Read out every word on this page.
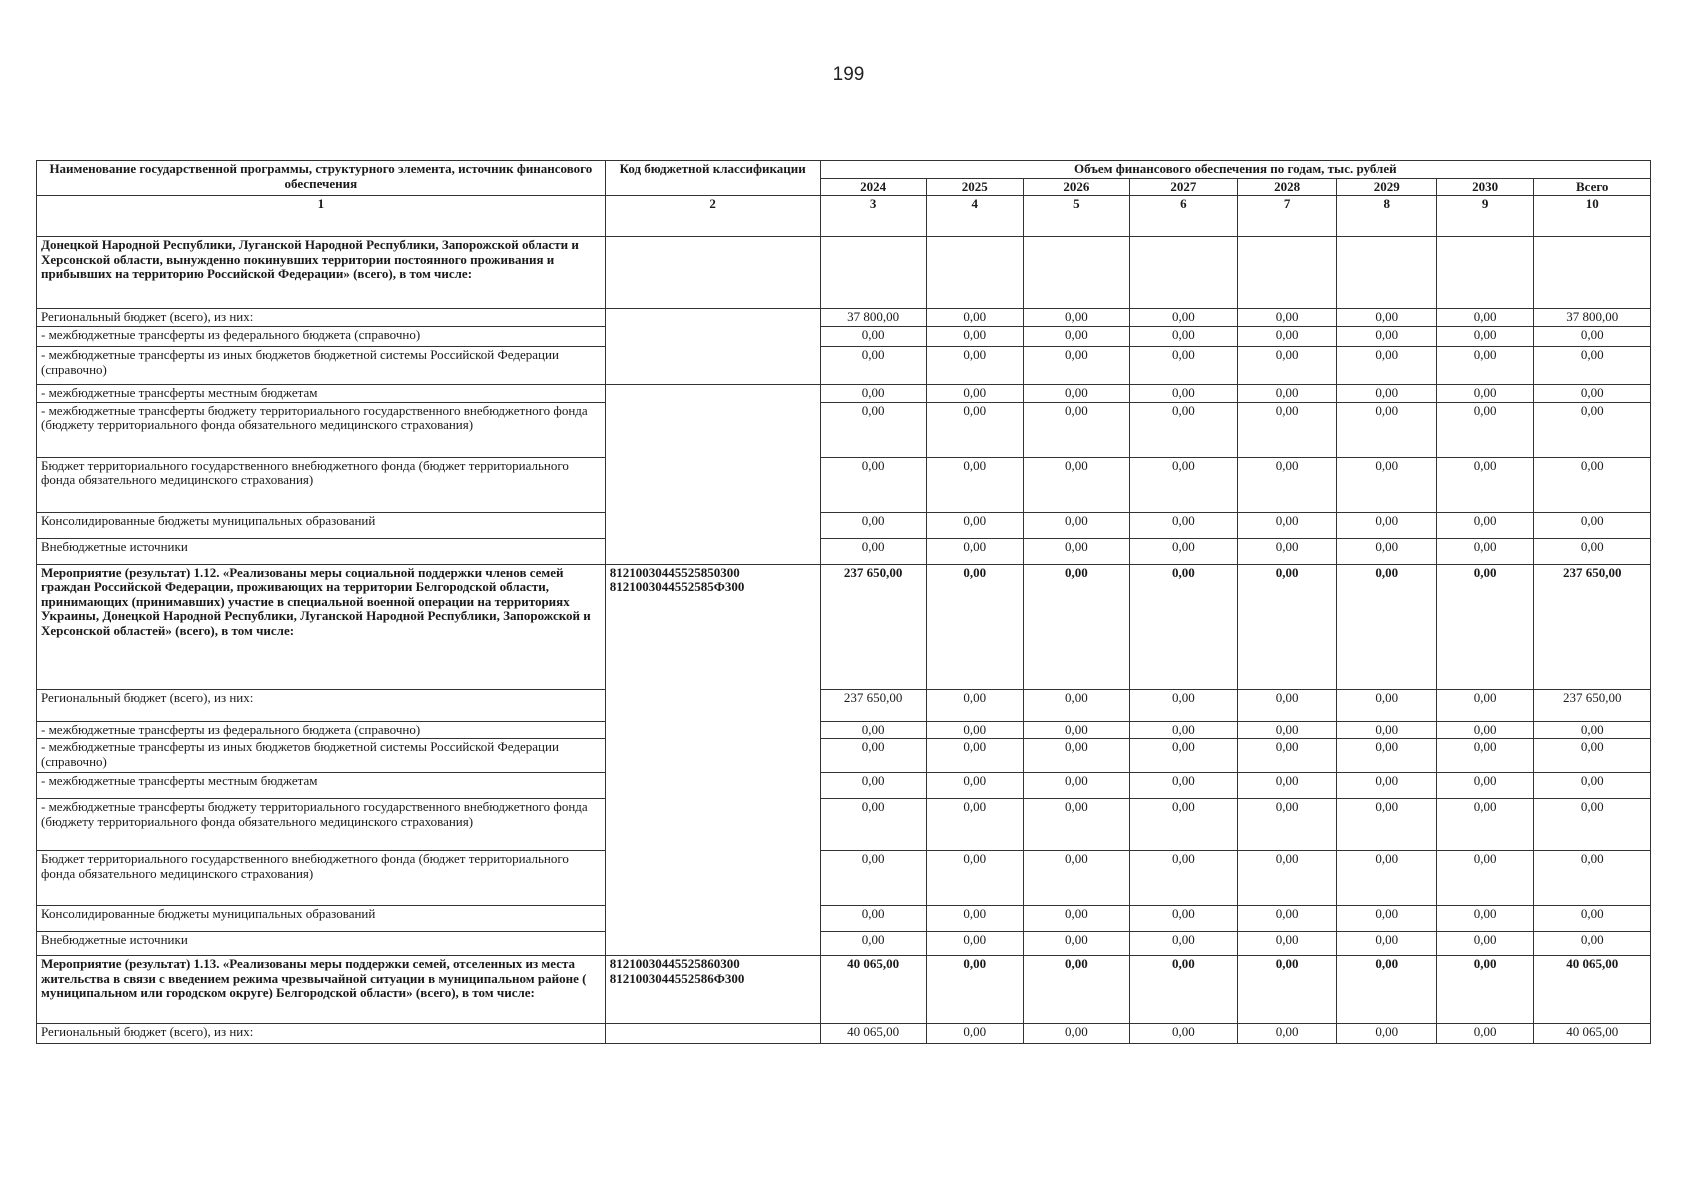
199
Наименование государственной программы, структурного элемента, источник финансового обеспечения	Код бюджетной классификации	Объем финансового обеспечения по годам, тыс. рублей							
		2024	2025	2026	2027	2028	2029	2030	Всего
1	2	3	4	5	6	7	8	9	10
Донецкой Народной Республики, Луганской Народной Республики, Запорожской области и Херсонской области, вынужденно покинувших территории постоянного проживания и прибывших на территорию Российской Федерации» (всего), в том числе:									
Региональный бюджет (всего), из них:		37 800,00	0,00	0,00	0,00	0,00	0,00	0,00	37 800,00
- межбюджетные трансферты из федерального бюджета (справочно)		0,00	0,00	0,00	0,00	0,00	0,00	0,00	0,00
- межбюджетные трансферты из иных бюджетов бюджетной системы Российской Федерации (справочно)		0,00	0,00	0,00	0,00	0,00	0,00	0,00	0,00
- межбюджетные трансферты местным бюджетам		0,00	0,00	0,00	0,00	0,00	0,00	0,00	0,00
- межбюджетные трансферты бюджету территориального государственного внебюджетного фонда (бюджету территориального фонда обязательного медицинского страхования)		0,00	0,00	0,00	0,00	0,00	0,00	0,00	0,00
Бюджет территориального государственного внебюджетного фонда (бюджет территориального фонда обязательного медицинского страхования)		0,00	0,00	0,00	0,00	0,00	0,00	0,00	0,00
Консолидированные бюджеты муниципальных образований		0,00	0,00	0,00	0,00	0,00	0,00	0,00	0,00
Внебюджетные источники		0,00	0,00	0,00	0,00	0,00	0,00	0,00	0,00
Мероприятие (результат) 1.12. «Реализованы меры социальной поддержки членов семей граждан Российской Федерации, проживающих на территории Белгородской области, принимающих (принимавших) участие в специальной военной операции на территориях Украины, Донецкой Народной Республики, Луганской Народной Республики, Запорожской и Херсонской областей» (всего), в том числе:	81210030445525850300 8121003044552585Ф300	237 650,00	0,00	0,00	0,00	0,00	0,00	0,00	237 650,00
Региональный бюджет (всего), из них:		237 650,00	0,00	0,00	0,00	0,00	0,00	0,00	237 650,00
- межбюджетные трансферты из федерального бюджета (справочно)		0,00	0,00	0,00	0,00	0,00	0,00	0,00	0,00
- межбюджетные трансферты из иных бюджетов бюджетной системы Российской Федерации (справочно)		0,00	0,00	0,00	0,00	0,00	0,00	0,00	0,00
- межбюджетные трансферты местным бюджетам		0,00	0,00	0,00	0,00	0,00	0,00	0,00	0,00
- межбюджетные трансферты бюджету территориального государственного внебюджетного фонда (бюджету территориального фонда обязательного медицинского страхования)		0,00	0,00	0,00	0,00	0,00	0,00	0,00	0,00
Бюджет территориального государственного внебюджетного фонда (бюджет территориального фонда обязательного медицинского страхования)		0,00	0,00	0,00	0,00	0,00	0,00	0,00	0,00
Консолидированные бюджеты муниципальных образований		0,00	0,00	0,00	0,00	0,00	0,00	0,00	0,00
Внебюджетные источники		0,00	0,00	0,00	0,00	0,00	0,00	0,00	0,00
Мероприятие (результат) 1.13. «Реализованы меры поддержки семей, отселенных из места жительства в связи с введением режима чрезвычайной ситуации в муниципальном районе ( муниципальном или городском округе) Белгородской области» (всего), в том числе:	81210030445525860300 8121003044552586Ф300	40 065,00	0,00	0,00	0,00	0,00	0,00	0,00	40 065,00
Региональный бюджет (всего), из них:		40 065,00	0,00	0,00	0,00	0,00	0,00	0,00	40 065,00
